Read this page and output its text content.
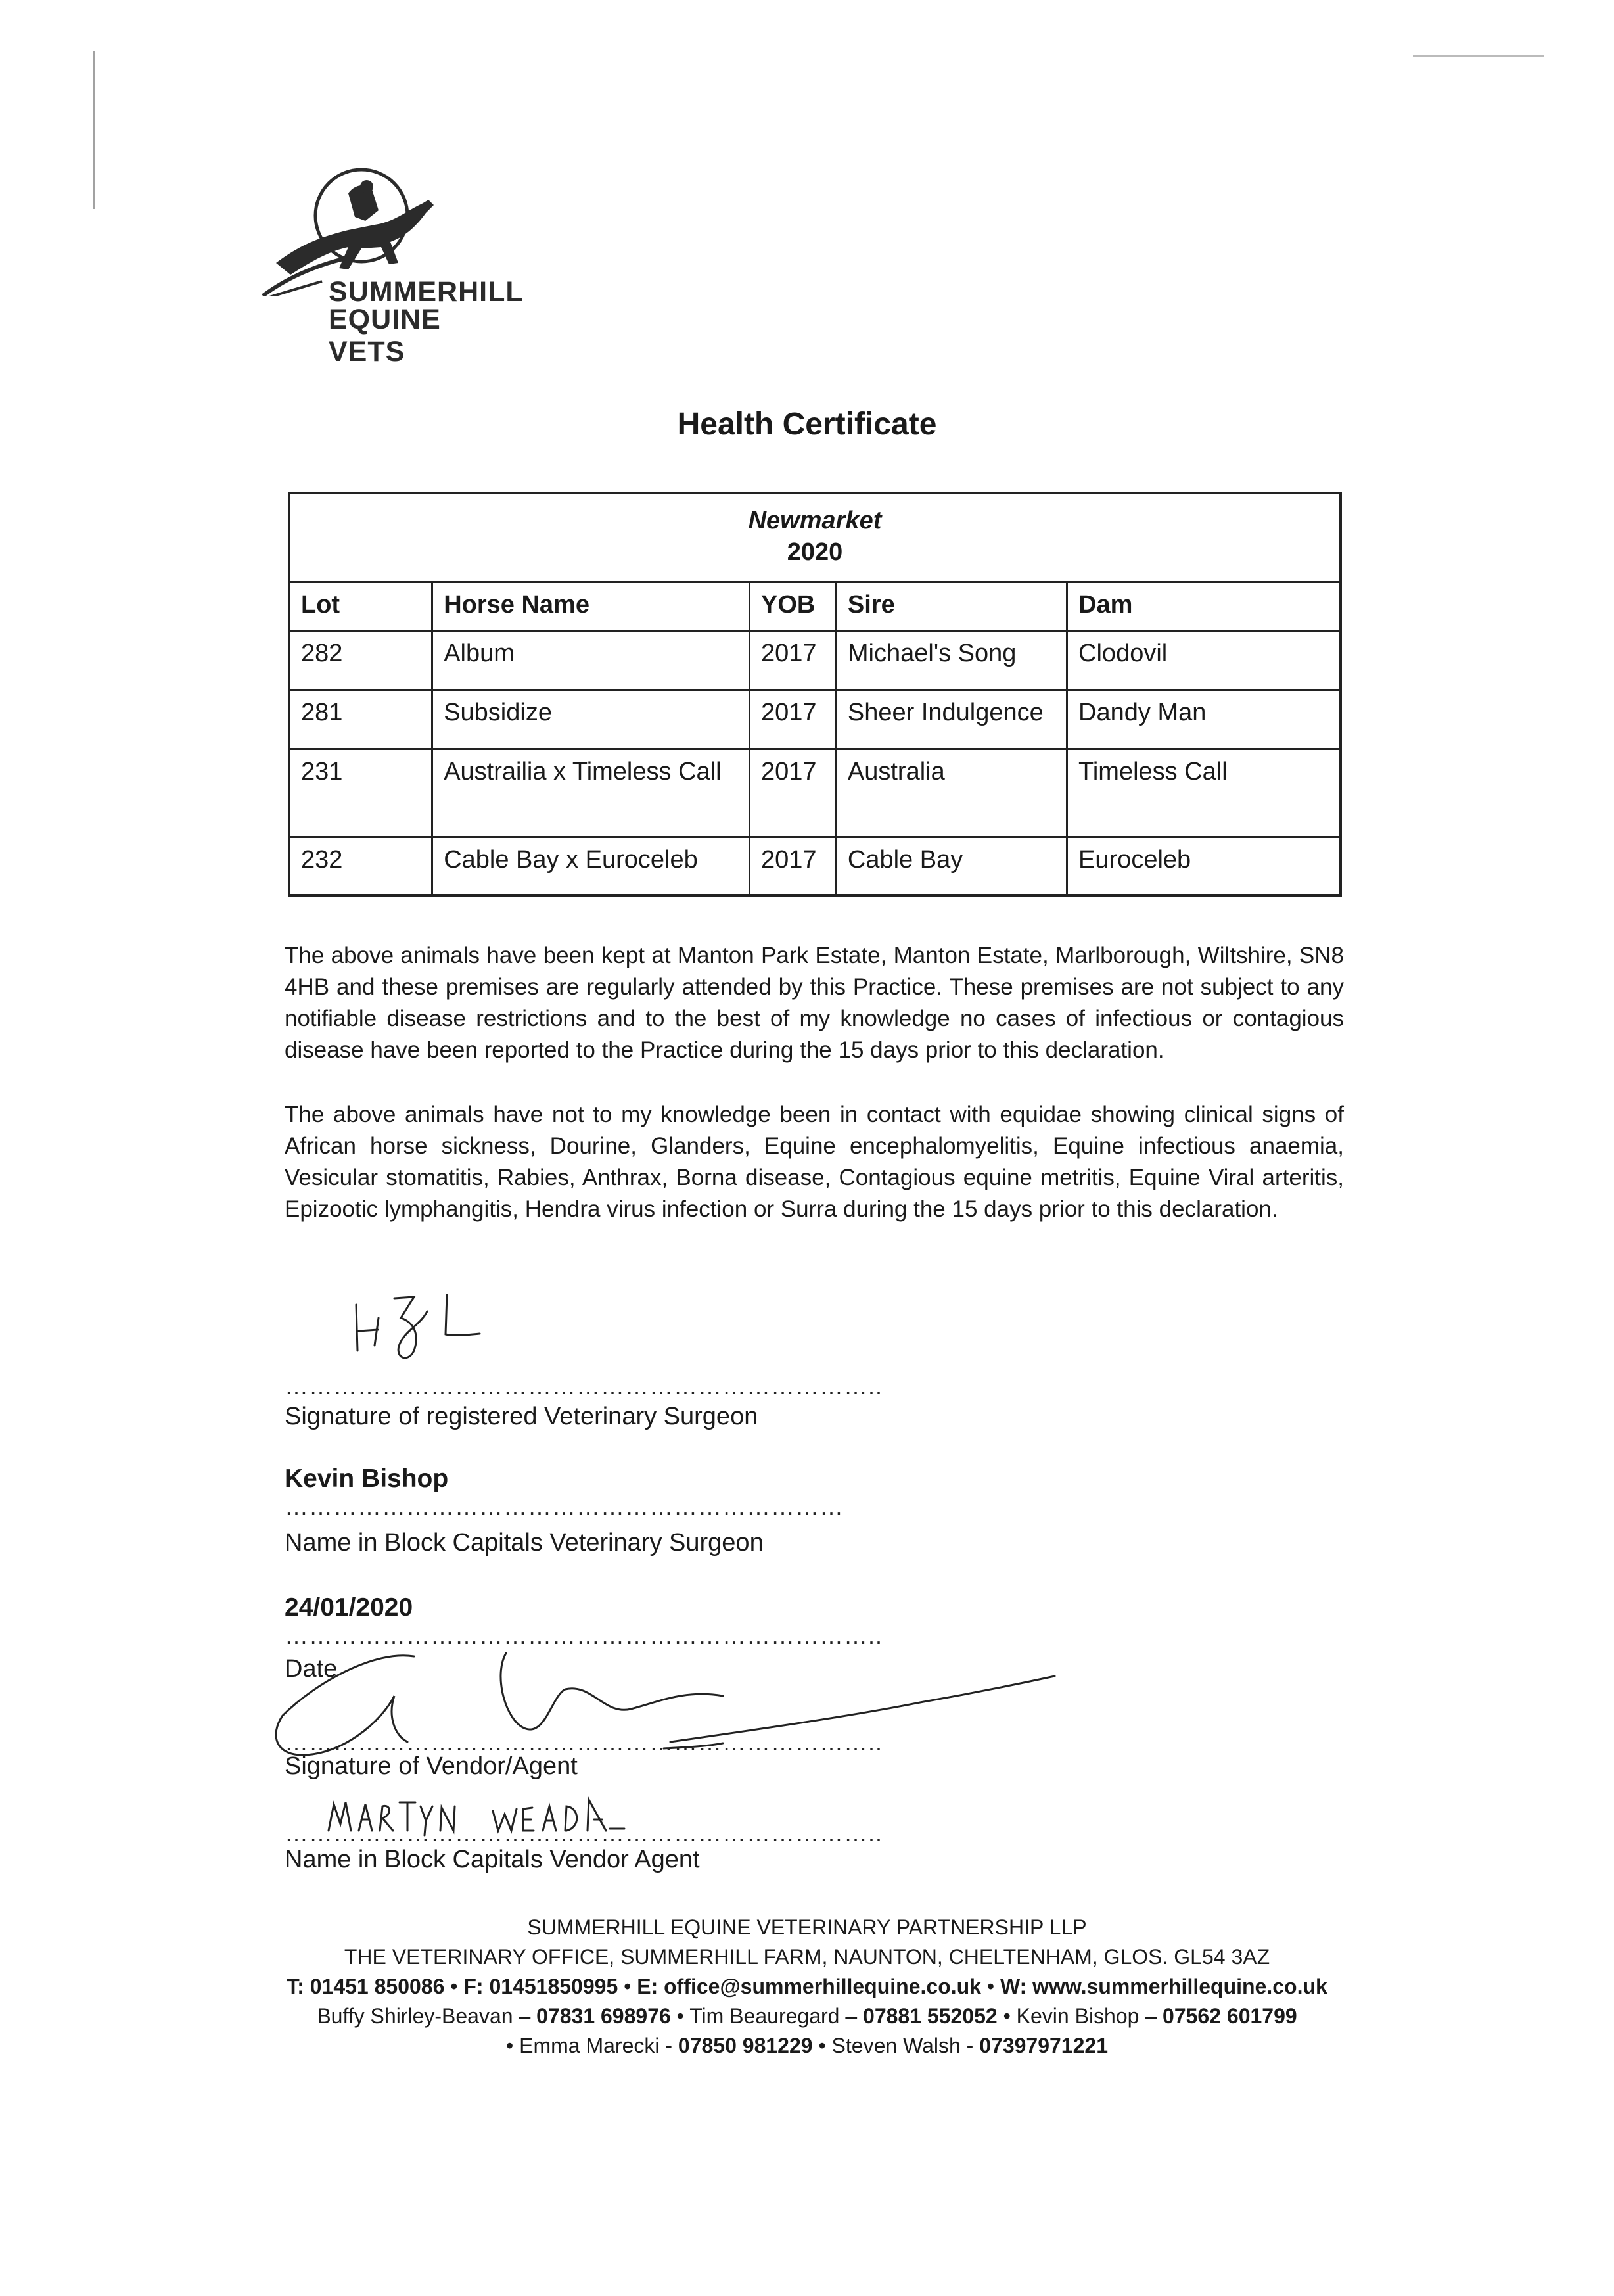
SUMMERHILL
EQUINE VETS
Health Certificate
Newmarket
2020				

Lot	Horse Name	YOB	Sire	Dam
282	Album	2017	Michael's Song	Clodovil
281	Subsidize	2017	Sheer Indulgence	Dandy Man
231	Austrailia x Timeless Call	2017	Australia	Timeless Call
232	Cable Bay x Euroceleb	2017	Cable Bay	Euroceleb
The above animals have been kept at Manton Park Estate, Manton Estate, Marlborough, Wiltshire, SN8 4HB and these premises are regularly attended by this Practice. These premises are not subject to any notifiable disease restrictions and to the best of my knowledge no cases of infectious or contagious disease have been reported to the Practice during the 15 days prior to this declaration.
The above animals have not to my knowledge been in contact with equidae showing clinical signs of African horse sickness, Dourine, Glanders, Equine encephalomyelitis, Equine infectious anaemia, Vesicular stomatitis, Rabies, Anthrax, Borna disease, Contagious equine metritis, Equine Viral arteritis, Epizootic lymphangitis, Hendra virus infection or Surra during the 15 days prior to this declaration.
………………………………………………………………..
Signature of registered Veterinary Surgeon
Kevin Bishop
……………………………………………………………
Name in Block Capitals Veterinary Surgeon
24/01/2020
………………………………………………………………..
Date
………………………………………………………………..
Signature of Vendor/Agent
………………………………………………………………..
Name in Block Capitals Vendor Agent
SUMMERHILL EQUINE VETERINARY PARTNERSHIP LLP
THE VETERINARY OFFICE, SUMMERHILL FARM, NAUNTON, CHELTENHAM, GLOS. GL54 3AZ
T: 01451 850086 • F: 01451850995 • E: office@summerhillequine.co.uk • W: www.summerhillequine.co.uk
Buffy Shirley-Beavan – 07831 698976 • Tim Beauregard – 07881 552052 • Kevin Bishop – 07562 601799
• Emma Marecki - 07850 981229 • Steven Walsh - 07397971221
